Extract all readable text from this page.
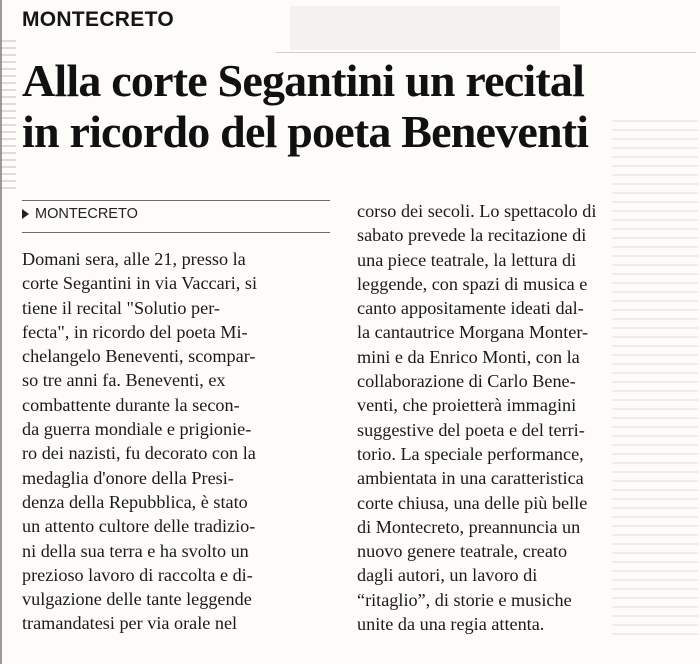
MONTECRETO
Alla corte Segantini un recital
in ricordo del poeta Beneventi
MONTECRETO
Domani sera, alle 21, presso la
corte Segantini in via Vaccari, si
tiene il recital "Solutio per-
fecta", in ricordo del poeta Mi-
chelangelo Beneventi, scompar-
so tre anni fa. Beneventi, ex
combattente durante la secon-
da guerra mondiale e prigionie-
ro dei nazisti, fu decorato con la
medaglia d'onore della Presi-
denza della Repubblica, è stato
un attento cultore delle tradizio-
ni della sua terra e ha svolto un
prezioso lavoro di raccolta e di-
vulgazione delle tante leggende
tramandatesi per via orale nel
corso dei secoli. Lo spettacolo di
sabato prevede la recitazione di
una piece teatrale, la lettura di
leggende, con spazi di musica e
canto appositamente ideati dal-
la cantautrice Morgana Monter-
mini e da Enrico Monti, con la
collaborazione di Carlo Bene-
venti, che proietterà immagini
suggestive del poeta e del terri-
torio. La speciale performance,
ambientata in una caratteristica
corte chiusa, una delle più belle
di Montecreto, preannuncia un
nuovo genere teatrale, creato
dagli autori, un lavoro di
“ritaglio”, di storie e musiche
unite da una regia attenta.
